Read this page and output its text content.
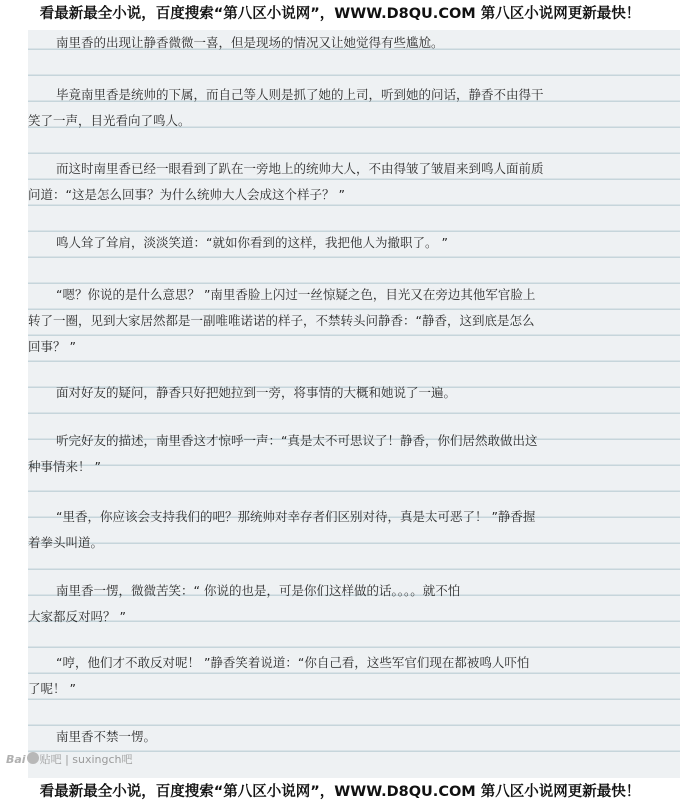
看最新最全小说，百度搜索“第八区小说网”，WWW.D8QU.COM 第八区小说网更新最快！
南里香的出现让静香微微一喜，但是现场的情况又让她觉得有些尴尬。
毕竟南里香是统帅的下属，而自己等人则是抓了她的上司，听到她的问话，静香不由得干
笑了一声，目光看向了鸣人。
而这时南里香已经一眼看到了趴在一旁地上的统帅大人，不由得皱了皱眉来到鸣人面前质
问道：“这是怎么回事？为什么统帅大人会成这个样子？ ”
鸣人耸了耸肩，淡淡笑道：“就如你看到的这样，我把他人为撤职了。 ”
“嗯？你说的是什么意思？ ”南里香脸上闪过一丝惊疑之色，目光又在旁边其他军官脸上
转了一圈，见到大家居然都是一副唯唯诺诺的样子，不禁转头问静香：“静香，这到底是怎么
回事？ ”
面对好友的疑问，静香只好把她拉到一旁，将事情的大概和她说了一遍。
听完好友的描述，南里香这才惊呼一声：“真是太不可思议了！静香，你们居然敢做出这
种事情来！ ”
“里香，你应该会支持我们的吧？那统帅对幸存者们区别对待，真是太可恶了！ ”静香握
着拳头叫道。
南里香一愣，微微苦笑：“ 你说的也是，可是你们这样做的话。。。。就不怕
大家都反对吗？ ”
“哼，他们才不敢反对呢！ ”静香笑着说道：“你自己看，这些军官们现在都被鸣人吓怕
了呢！ ”
南里香不禁一愣。
Bai 贴吧 | suxingch吧
看最新最全小说，百度搜索“第八区小说网”，WWW.D8QU.COM 第八区小说网更新最快！
